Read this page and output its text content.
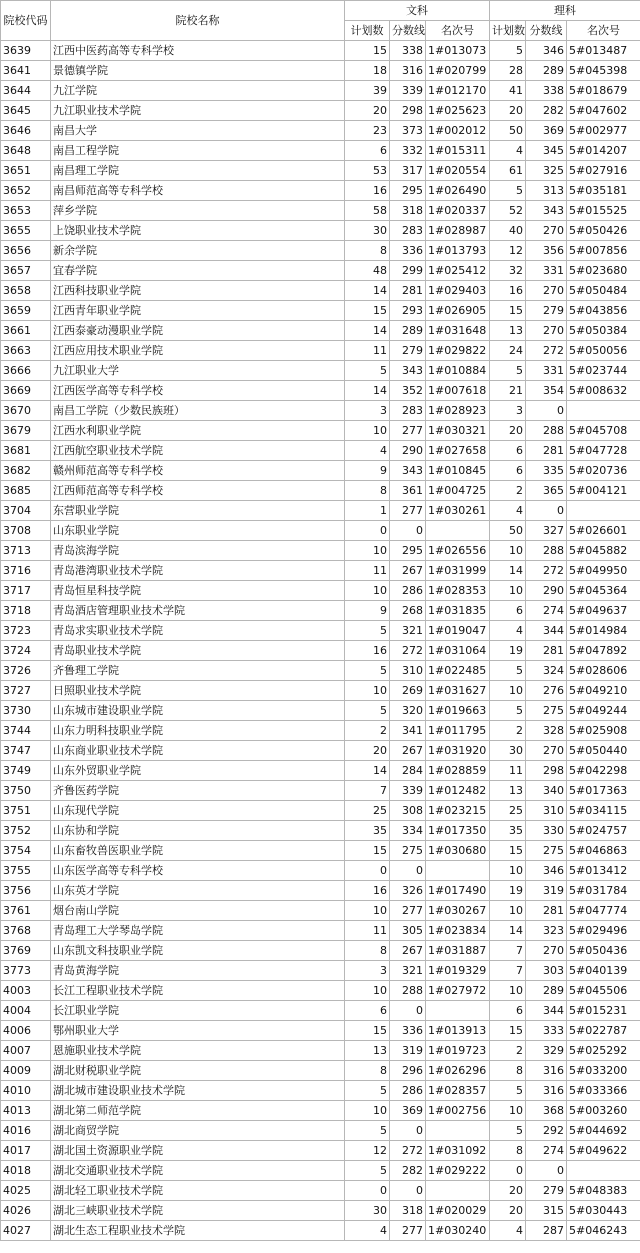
院校代码	院校名称	文科			理科		
		计划数	分数线	名次号	计划数	分数线	名次号
3639	江西中医药高等专科学校	15	338	1#013073	5	346	5#013487
3641	景德镇学院	18	316	1#020799	28	289	5#045398
3644	九江学院	39	339	1#012170	41	338	5#018679
3645	九江职业技术学院	20	298	1#025623	20	282	5#047602
3646	南昌大学	23	373	1#002012	50	369	5#002977
3648	南昌工程学院	6	332	1#015311	4	345	5#014207
3651	南昌理工学院	53	317	1#020554	61	325	5#027916
3652	南昌师范高等专科学校	16	295	1#026490	5	313	5#035181
3653	萍乡学院	58	318	1#020337	52	343	5#015525
3655	上饶职业技术学院	30	283	1#028987	40	270	5#050426
3656	新余学院	8	336	1#013793	12	356	5#007856
3657	宜春学院	48	299	1#025412	32	331	5#023680
3658	江西科技职业学院	14	281	1#029403	16	270	5#050484
3659	江西青年职业学院	15	293	1#026905	15	279	5#043856
3661	江西泰豪动漫职业学院	14	289	1#031648	13	270	5#050384
3663	江西应用技术职业学院	11	279	1#029822	24	272	5#050056
3666	九江职业大学	5	343	1#010884	5	331	5#023744
3669	江西医学高等专科学校	14	352	1#007618	21	354	5#008632
3670	南昌工学院（少数民族班）	3	283	1#028923	3	0	
3679	江西水利职业学院	10	277	1#030321	20	288	5#045708
3681	江西航空职业技术学院	4	290	1#027658	6	281	5#047728
3682	赣州师范高等专科学校	9	343	1#010845	6	335	5#020736
3685	江西师范高等专科学校	8	361	1#004725	2	365	5#004121
3704	东营职业学院	1	277	1#030261	4	0	
3708	山东职业学院	0	0		50	327	5#026601
3713	青岛滨海学院	10	295	1#026556	10	288	5#045882
3716	青岛港湾职业技术学院	11	267	1#031999	14	272	5#049950
3717	青岛恒星科技学院	10	286	1#028353	10	290	5#045364
3718	青岛酒店管理职业技术学院	9	268	1#031835	6	274	5#049637
3723	青岛求实职业技术学院	5	321	1#019047	4	344	5#014984
3724	青岛职业技术学院	16	272	1#031064	19	281	5#047892
3726	齐鲁理工学院	5	310	1#022485	5	324	5#028606
3727	日照职业技术学院	10	269	1#031627	10	276	5#049210
3730	山东城市建设职业学院	5	320	1#019663	5	275	5#049244
3744	山东力明科技职业学院	2	341	1#011795	2	328	5#025908
3747	山东商业职业技术学院	20	267	1#031920	30	270	5#050440
3749	山东外贸职业学院	14	284	1#028859	11	298	5#042298
3750	齐鲁医药学院	7	339	1#012482	13	340	5#017363
3751	山东现代学院	25	308	1#023215	25	310	5#034115
3752	山东协和学院	35	334	1#017350	35	330	5#024757
3754	山东畜牧兽医职业学院	15	275	1#030680	15	275	5#046863
3755	山东医学高等专科学校	0	0		10	346	5#013412
3756	山东英才学院	16	326	1#017490	19	319	5#031784
3761	烟台南山学院	10	277	1#030267	10	281	5#047774
3768	青岛理工大学琴岛学院	11	305	1#023834	14	323	5#029496
3769	山东凯文科技职业学院	8	267	1#031887	7	270	5#050436
3773	青岛黄海学院	3	321	1#019329	7	303	5#040139
4003	长江工程职业技术学院	10	288	1#027972	10	289	5#045506
4004	长江职业学院	6	0		6	344	5#015231
4006	鄂州职业大学	15	336	1#013913	15	333	5#022787
4007	恩施职业技术学院	13	319	1#019723	2	329	5#025292
4009	湖北财税职业学院	8	296	1#026296	8	316	5#033200
4010	湖北城市建设职业技术学院	5	286	1#028357	5	316	5#033366
4013	湖北第二师范学院	10	369	1#002756	10	368	5#003260
4016	湖北商贸学院	5	0		5	292	5#044692
4017	湖北国土资源职业学院	12	272	1#031092	8	274	5#049622
4018	湖北交通职业技术学院	5	282	1#029222	0	0	
4025	湖北轻工职业技术学院	0	0		20	279	5#048383
4026	湖北三峡职业技术学院	30	318	1#020029	20	315	5#030443
4027	湖北生态工程职业技术学院	4	277	1#030240	4	287	5#046243
